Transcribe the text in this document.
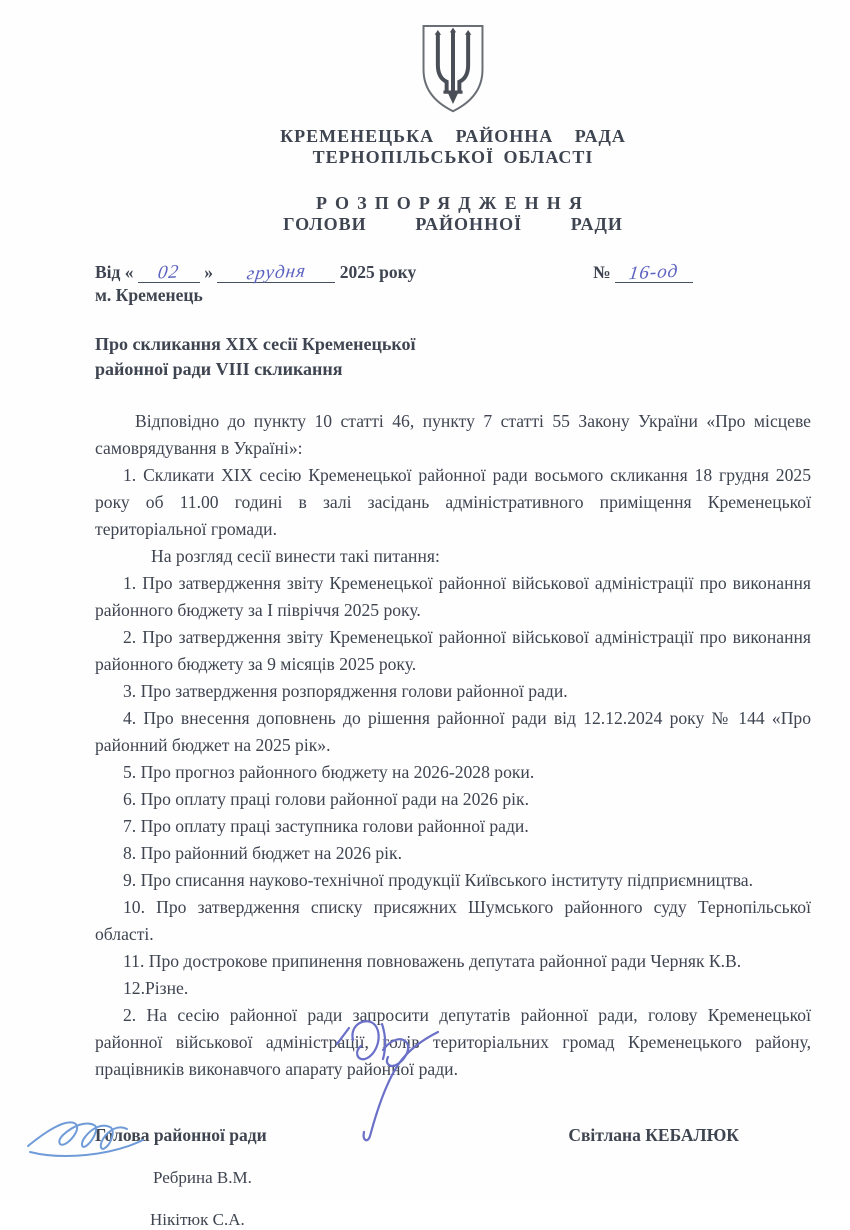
КРЕМЕНЕЦЬКА РАЙОННА РАДА
ТЕРНОПІЛЬСЬКОЇ ОБЛАСТІ
РОЗПОРЯДЖЕННЯ
ГОЛОВИ РАЙОННОЇ РАДИ
Від « 02 » грудня 2025 року	№ 16-од
м. Кременець
Про скликання XIX сесії Кременецької
районної ради VIII скликання

Відповідно до пункту 10 статті 46, пункту 7 статті 55 Закону України «Про місцеве самоврядування в Україні»:

1. Скликати XIX сесію Кременецької районної ради восьмого скликання 18 грудня 2025 року об 11.00 годині в залі засідань адміністративного приміщення Кременецької територіальної громади.

На розгляд сесії винести такі питання:

1. Про затвердження звіту Кременецької районної військової адміністрації про виконання районного бюджету за І півріччя 2025 року.

2. Про затвердження звіту Кременецької районної військової адміністрації про виконання районного бюджету за 9 місяців 2025 року.

3. Про затвердження розпорядження голови районної ради.

4. Про внесення доповнень до рішення районної ради від 12.12.2024 року № 144 «Про районний бюджет на 2025 рік».

5. Про прогноз районного бюджету на 2026-2028 роки.

6. Про оплату праці голови районної ради на 2026 рік.

7. Про оплату праці заступника голови районної ради.

8. Про районний бюджет на 2026 рік.

9. Про списання науково-технічної продукції Київського інституту підприємництва.

10. Про затвердження списку присяжних Шумського районного суду Тернопільської області.

11. Про дострокове припинення повноважень депутата районної ради Черняк К.В.

12.Різне.

2. На сесію районної ради запросити депутатів районної ради, голову Кременецької районної військової адміністрації, голів територіальних громад Кременецького району, працівників виконавчого апарату районної ради.

Голова районної ради	Світлана КЕБАЛЮК
Ребрина В.М.
Нікітюк С.А.
